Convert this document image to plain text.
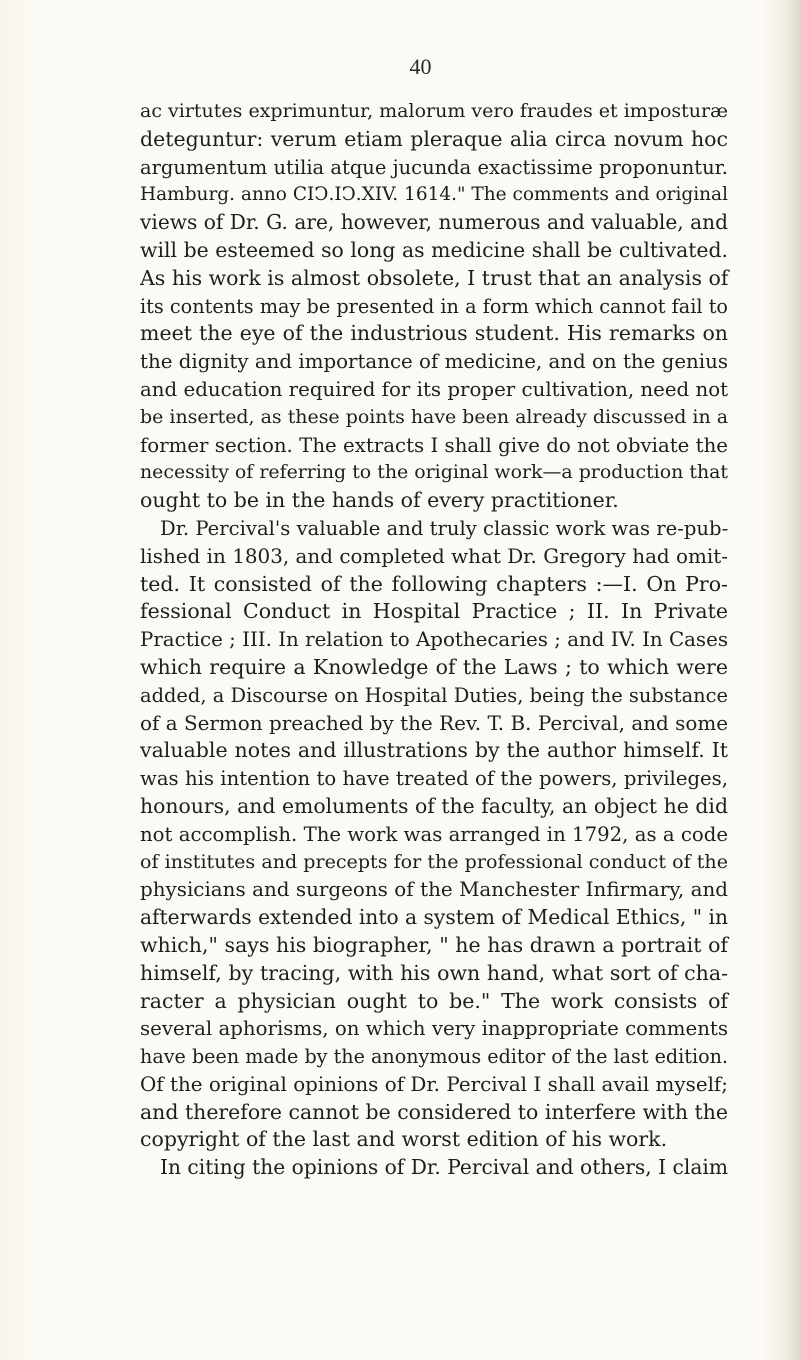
40
ac virtutes exprimuntur, malorum vero fraudes et imposturæ
deteguntur: verum etiam pleraque alia circa novum hoc
argumentum utilia atque jucunda exactissime proponuntur.
Hamburg. anno CIↃ.IↃ.XIV. 1614." The comments and original
views of Dr. G. are, however, numerous and valuable, and
will be esteemed so long as medicine shall be cultivated.
As his work is almost obsolete, I trust that an analysis of
its contents may be presented in a form which cannot fail to
meet the eye of the industrious student. His remarks on
the dignity and importance of medicine, and on the genius
and education required for its proper cultivation, need not
be inserted, as these points have been already discussed in a
former section. The extracts I shall give do not obviate the
necessity of referring to the original work—a production that
ought to be in the hands of every practitioner.
Dr. Percival's valuable and truly classic work was re-pub-
lished in 1803, and completed what Dr. Gregory had omit-
ted. It consisted of the following chapters :—I. On Pro-
fessional Conduct in Hospital Practice ; II. In Private
Practice ; III. In relation to Apothecaries ; and IV. In Cases
which require a Knowledge of the Laws ; to which were
added, a Discourse on Hospital Duties, being the substance
of a Sermon preached by the Rev. T. B. Percival, and some
valuable notes and illustrations by the author himself. It
was his intention to have treated of the powers, privileges,
honours, and emoluments of the faculty, an object he did
not accomplish. The work was arranged in 1792, as a code
of institutes and precepts for the professional conduct of the
physicians and surgeons of the Manchester Infirmary, and
afterwards extended into a system of Medical Ethics, " in
which," says his biographer, " he has drawn a portrait of
himself, by tracing, with his own hand, what sort of cha-
racter a physician ought to be." The work consists of
several aphorisms, on which very inappropriate comments
have been made by the anonymous editor of the last edition.
Of the original opinions of Dr. Percival I shall avail myself;
and therefore cannot be considered to interfere with the
copyright of the last and worst edition of his work.
In citing the opinions of Dr. Percival and others, I claim
